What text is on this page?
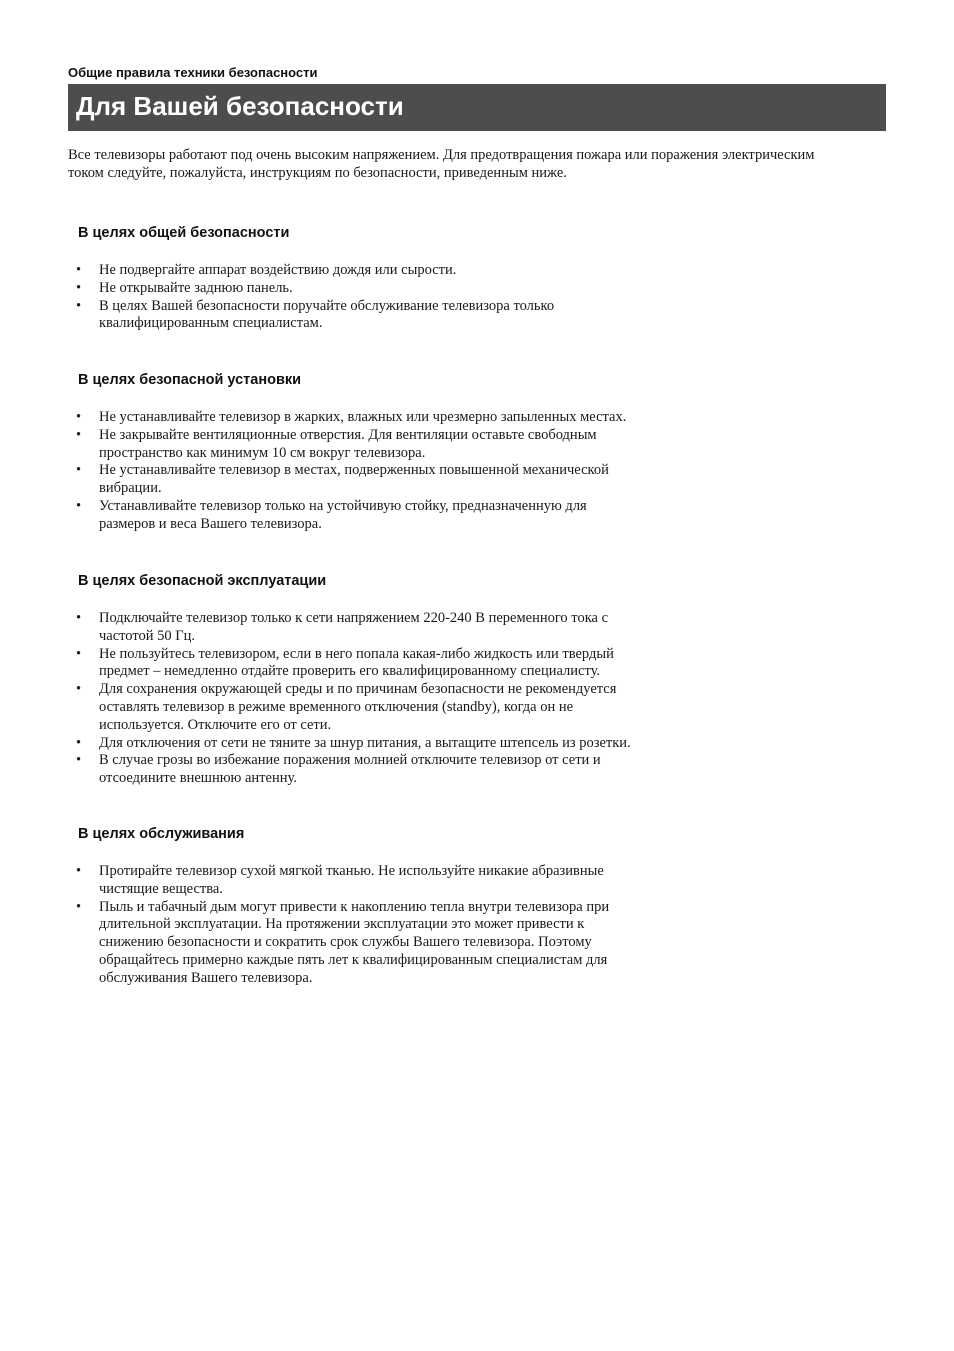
Общие правила техники безопасности
Для Вашей безопасности

Все телевизоры работают под очень высоким напряжением. Для предотвращения пожара или поражения электрическим
током следуйте, пожалуйста, инструкциям по безопасности, приведенным ниже.

В целях общей безопасности
• Не подвергайте аппарат воздействию дождя или сырости.
• Не открывайте заднюю панель.
• В целях Вашей безопасности поручайте обслуживание телевизора только
квалифицированным специалистам.
В целях безопасной установки
• Не устанавливайте телевизор в жарких, влажных или чрезмерно запыленных местах.
• Не закрывайте вентиляционные отверстия. Для вентиляции оставьте свободным
пространство как минимум 10 см вокруг телевизора.
• Не устанавливайте телевизор в местах, подверженных повышенной механической
вибрации.
• Устанавливайте телевизор только на устойчивую стойку, предназначенную для
размеров и веса Вашего телевизора.
В целях безопасной эксплуатации
• Подключайте телевизор только к сети напряжением 220-240 В переменного тока с
частотой 50 Гц.
• Не пользуйтесь телевизором, если в него попала какая-либо жидкость или твердый
предмет – немедленно отдайте проверить его квалифицированному специалисту.
• Для сохранения окружающей среды и по причинам безопасности не рекомендуется
оставлять телевизор в режиме временного отключения (standby), когда он не
используется. Отключите его от сети.
• Для отключения от сети не тяните за шнур питания, а вытащите штепсель из розетки.
• В случае грозы во избежание поражения молнией отключите телевизор от сети и
отсоедините внешнюю антенну.
В целях обслуживания
• Протирайте телевизор сухой мягкой тканью. Не используйте никакие абразивные
чистящие вещества.
• Пыль и табачный дым могут привести к накоплению тепла внутри телевизора при
длительной эксплуатации. На протяжении эксплуатации это может привести к
снижению безопасности и сократить срок службы Вашего телевизора. Поэтому
обращайтесь примерно каждые пять лет к квалифицированным специалистам для
обслуживания Вашего телевизора.
